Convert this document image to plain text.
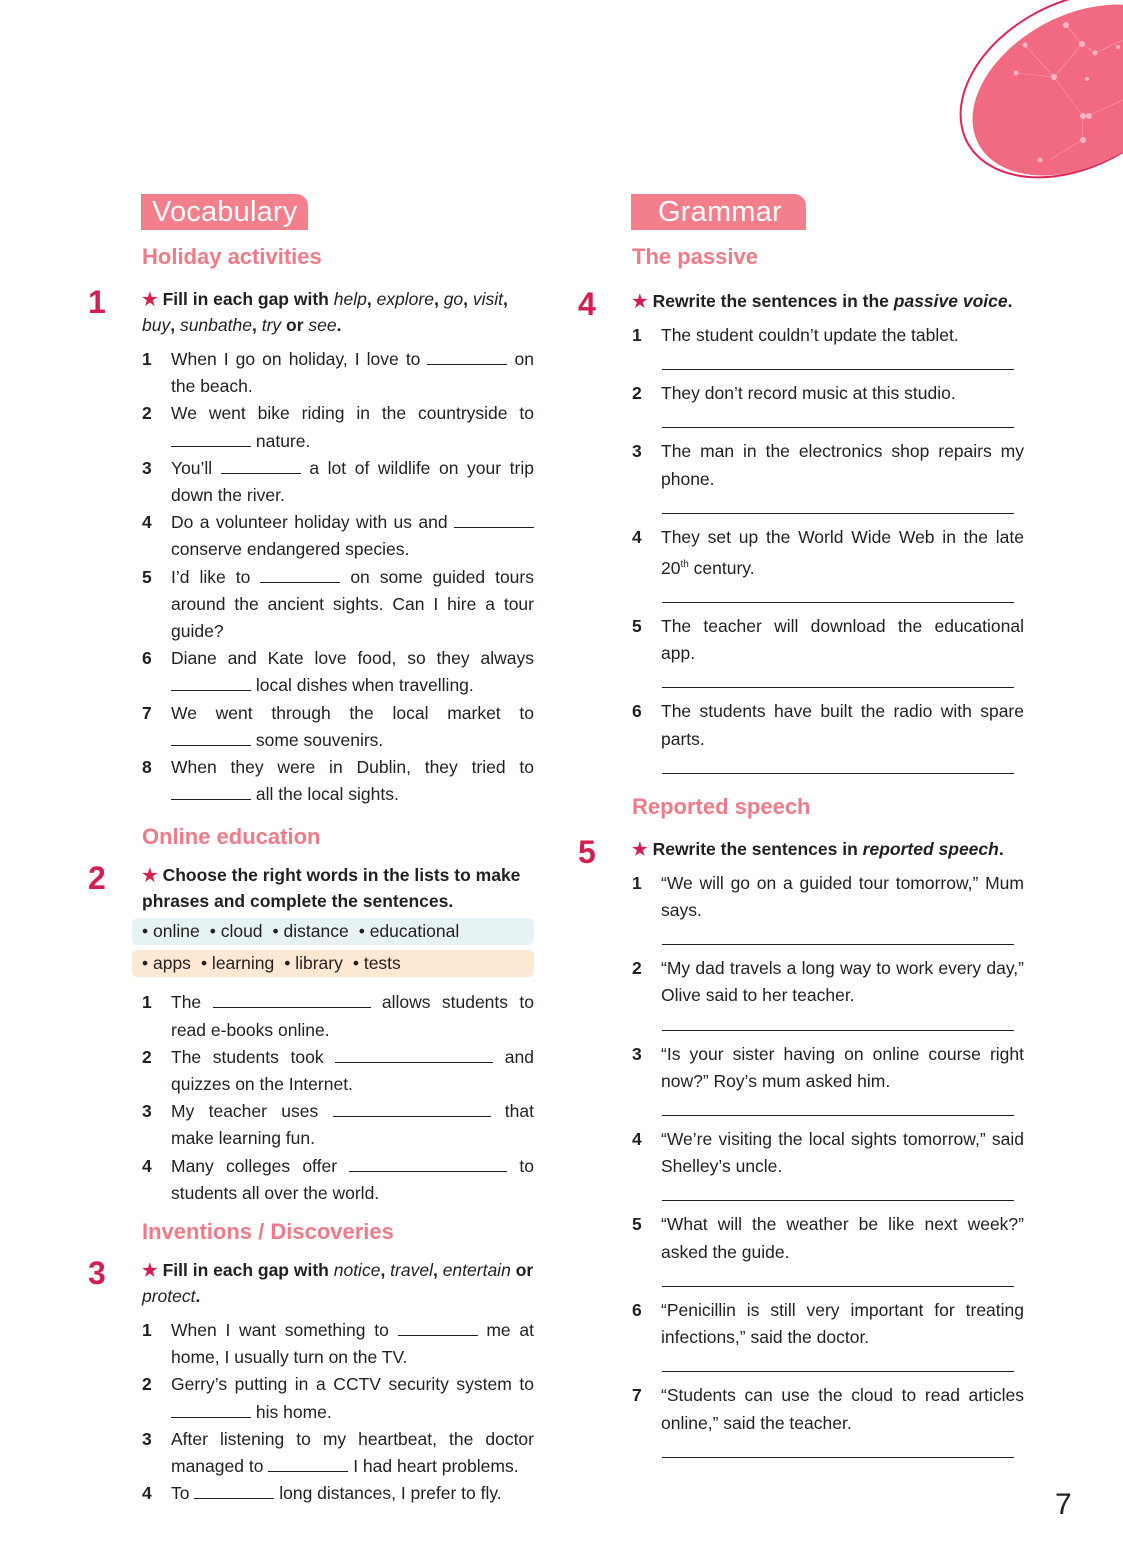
Vocabulary
Holiday activities
1 ★ Fill in each gap with help, explore, go, visit, buy, sunbathe, try or see.
1 When I go on holiday, I love to	on the beach.
2 We went bike riding in the countryside to  nature.
3 You’ll	a lot of wildlife on your trip down the river.
4 Do a volunteer holiday with us and  conserve endangered species.
5 I’d like to	on some guided tours around the ancient sights. Can I hire a tour guide?
6 Diane and Kate love food, so they always  local dishes when travelling.
7 We went through the local market to  some souvenirs.
8 When they were in Dublin, they tried to  all the local sights.
Online education
2 ★ Choose the right words in the lists to make phrases and complete the sentences.
• online • cloud • distance • educational
• apps • learning • library • tests
1 The	allows students to read e-books online.
2 The students took	and quizzes on the Internet.
3 My teacher uses	that make learning fun.
4 Many colleges offer	to students all over the world.
Inventions / Discoveries
3 ★ Fill in each gap with notice, travel, entertain or protect.
1 When I want something to	me at home, I usually turn on the TV.
2 Gerry’s putting in a CCTV security system to  his home.
3 After listening to my heartbeat, the doctor managed to	I had heart problems.
4 To	long distances, I prefer to fly.
Grammar
The passive
4 ★ Rewrite the sentences in the passive voice.
1 The student couldn’t update the tablet.
2 They don’t record music at this studio.
3 The man in the electronics shop repairs my phone.
4 They set up the World Wide Web in the late 20th century.
5 The teacher will download the educational app.
6 The students have built the radio with spare parts.
Reported speech
5 ★ Rewrite the sentences in reported speech.
1 “We will go on a guided tour tomorrow,” Mum says.
2 “My dad travels a long way to work every day,” Olive said to her teacher.
3 “Is your sister having on online course right now?” Roy’s mum asked him.
4 “We’re visiting the local sights tomorrow,” said Shelley’s uncle.
5 “What will the weather be like next week?” asked the guide.
6 “Penicillin is still very important for treating infections,” said the doctor.
7 “Students can use the cloud to read articles online,” said the teacher.
7
